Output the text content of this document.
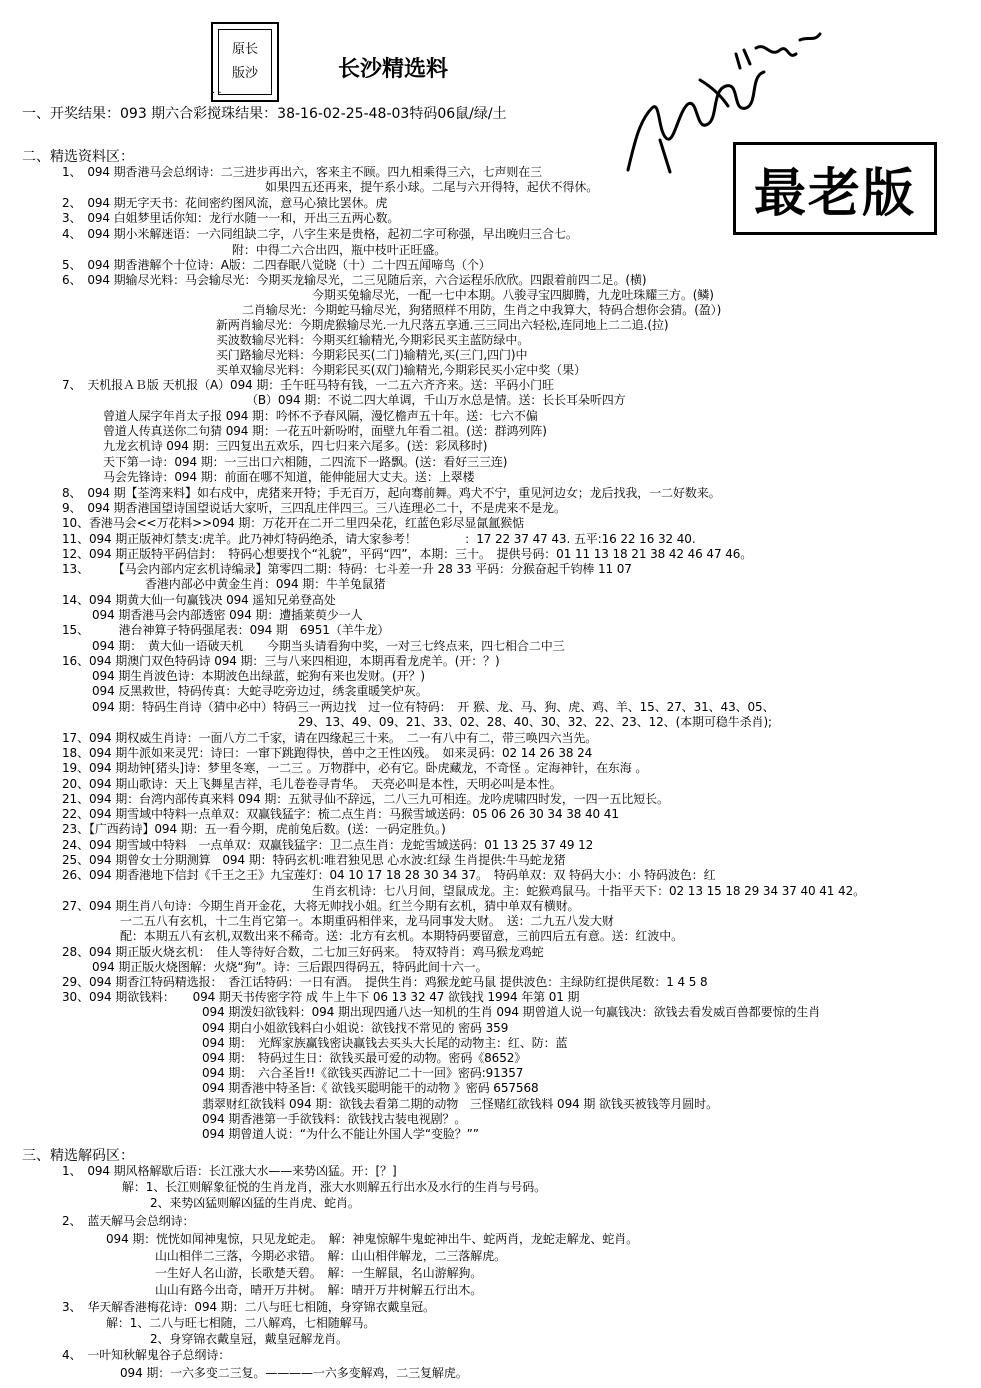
原长
版沙
· ·
长沙精选料
最老版
一、开奖结果：093 期六合彩搅珠结果：38-16-02-25-48-03特码06鼠/绿/土
二、精选资料区：
三、精选解码区：
1、　094 期香港马会总纲诗：二三进步再出六，客来主不顾。四九相乘得三六，七声则在三
如果四五还再来，提午系小球。二尾与六开得特，起伏不得休。
2、　094 期无字天书：花间密约图风流，意马心猿比罢休。虎
3、　094 白姐梦里话你知：龙行水随一一和，开出三五两心数。
4、　094 期小米解迷语：一六同组缺二字，八字生来是贵格，起初二字可称强，早出晚归三合七。
附：中得二六合出四，瓶中枝叶正旺盛。
5、　094 期香港解个十位诗：A版：二四春眠八觉晓（十）二十四五闻啼鸟（个）
6、　094 期输尽光料：马会输尽光：今期买龙输尽光，二三见随后亲，六合运程乐欣欣。四跟着前四二足。(横)
今期买兔输尽光，一配一七中本期。八骏寻宝四脚腾，九龙吐珠耀三方。(鳞)
二肖输尽光：今期蛇马输尽光，狗猪照样不用防，生肖之中我算大，特码合想你会猜。(盈）)
新两肖输尽光：今期虎猴输尽光.一九尺落五享通.三三同出六轻松,连同地上二二追.(拉)
买波数输尽光料：今期买红输精光,今期彩民买主蓝防绿中。
买门路输尽光料：今期彩民买(二门)输精光,买(三门,四门)中
买单双输尽光料：今期彩民买(双门)输精光,今期彩民买小定中奖（果）
7、　天机报ＡＢ版 天机报（A）094 期：壬午旺马特有钱，一二五六齐齐来。送：平码小门旺
（B）094 期：不说二四大单调，千山万水总是情。送：长长耳朵听四方
曾道人屎字年肖太子报 094 期：吟怀不予春风隔，漫忆檐声五十年。送：七六不偏
曾道人传真送你二句猜 094 期：一花五叶新吩咐，面壁九年看二祖。(送：群鸿列阵)
九龙玄机诗 094 期：三四复出五欢乐，四七归来六尾多。(送：彩凤移时)
天下第一诗：094 期：一三出口六相随，二四流下一路飘。(送：看好三三连)
马会先锋诗：094 期：前面在哪不知道，能伸能屈大丈夫。送：上翠楼
8、　094 期【荃湾来料】如右戍中，虎猪来开特；手无百万，起向骞前舞。鸡犬不宁，重见河边女；龙后找我，一二好数来。
9、　094 期香港国望诗国望说话大家听，三四乱庄伴四三。三八连理必二十，不是虎来不是龙。
10、香港马会<<万花料>>094 期：万花开在二开二里四朵花，红蓝色彩尽显氤氲猴惦
11、094 期正版神灯禁支:虎羊。此乃神灯特码绝杀，请大家参考！　　　　：17 22 37 47 43. 五平:16 22 16 32 40.
12、094 期正版特平码信封：　特码心想要找个“礼貌”，平码“四”，本期：三十。　提供号码：01 11 13 18 21 38 42 46 47 46。
13、　　　【马会内部内定玄机诗编录】第零四二期：特码：七斗差一升 28 33 平码：分猴奋起千钧棒 11 07
香港内部必中黄金生肖：094 期：牛羊兔鼠猪
14、094 期黄大仙一句赢钱决 094 遥知兄弟登高处
094 期香港马会内部透密 094 期：遭插莱萸少一人
15、　　　港台神算子特码强尾表：094 期　6951（羊牛龙）
094 期：　黄大仙一语破天机　　今期当头请看狗中奖，一对三七终点来，四七相合二中三
16、094 期澳门双色特码诗 094 期：三与八来四相迎，本期再看龙虎羊。(开：？)
094 期生肖波色诗：本期波色出绿蓝，蛇狗有来也发财。(开？)
094 反黑救世，特码传真：大蛇寻吃旁边过，绣衾重暖笑炉灰。
094 期：特码生肖诗（猜中必中）特码三一两边找　过一位有特码：　开 猴、龙、马、狗、虎、鸡、羊、15、27、31、43、05、
29、13、49、09、21、33、02、28、40、30、32、22、23、12、(本期可稳牛杀肖);
17、094 期权威生肖诗：一面八方二千家，请在四缘起三十来。　二一有八中有二，带三唤四六当先。
18、094 期牛派如来灵咒：诗曰：一窜下跳跑得快，兽中之王性凶残。　如来灵码：02 14 26 38 24
19、094 期劫钟[猪头]诗：梦里冬寒，一二三 。万物群中，必有它。卧虎藏龙，不奇怪 。定海神针，在东海 。
20、094 期山歌诗：天上飞舞星吉祥，毛儿卷卷寻青华。　天亮必叫是本性，天明必叫是本性。
21、094 期：台湾内部传真来料 094 期：五狱寻仙不辞远，二八三九可相连。龙吟虎啸四时发，一四一五比短长。
22、094 期雪域中特料一点单双：双赢钱猛字：梳二点生肖：马猴雪域送码：05 06 26 30 34 38 40 41
23、【广西药诗】094 期：五一看今期，虎前兔后数。(送：一码定胜负。)
24、094 期雪域中特料　一点单双：双赢钱猛字：卫二点生肖：龙蛇雪域送码：01 13 25 37 49 12
25、094 期曾女士分期测算　094 期：特码玄机:唯君独见思 心水波:红绿 生肖提供:牛马蛇龙猪
26、094 期香港地下信封《千王之王》九宝莲灯：04 10 17 18 28 30 34 37。　特码单双：双 特码大小：小 特码波色：红
生肖玄机诗：七八月间，望鼠成龙。主：蛇猴鸡鼠马。十指平天下：02 13 15 18 29 34 37 40 41 42。
27、094 期生肖八句诗：今期生肖开金花，大将无帅找小姐。红兰今期有玄机，猜中单双有横财。
一二五八有玄机，十二生肖它第一。本期重码相伴来，龙马同事发大财。　送：二九五八发大财
配：本期五八有玄机,双数出来不稀奇。送：北方有玄机。本期特码要留意，三前四后五有意。送：红波中。
28、094 期正版火烧玄机：　佳人等待好合数，二七加三好码来。　特双特肖：鸡马猴龙鸡蛇
094 期正版火烧图解：火烧“狗”。诗：三后跟四得码五，特码此间十六一。
29、094 期香江特码精选报：　香江话特码：一日有酒。　提供生肖：鸡猴龙蛇马鼠 提供波色：主绿防红提供尾数：1 4 5 8
30、094 期欲钱料：　　094 期天书传密字符 成 牛上牛下 06 13 32 47 欲钱找 1994 年第 01 期
094 期泼妇欲钱料：094 期出现四通八达一知机的生肖 094 期曾道人说一句赢钱决：欲钱去看发威百兽都要惊的生肖
094 期白小姐欲钱料白小姐说：欲钱找不常见的 密码 359
094 期：　光辉家族赢钱密诀赢钱去买头大长尾的动物主：红、防：蓝
094 期：　特码过生日：欲钱买最可爱的动物。密码《8652》
094 期：　六合圣旨!!《欲钱买西游记二十一回》密码:91357
094 期香港中特圣旨:《 欲钱买聪明能干的动物 》密码 657568
翡翠财红欲钱料 094 期：欲钱去看第二期的动物　三怪赌红欲钱料 094 期 欲钱买被钱等月圆时。
094 期香港第一手欲钱料：欲钱找古装电视剧？。
094 期曾道人说：“为什么不能让外国人学“变脸？””
1、　094 期风格解歇后语：长江涨大水——来势凶猛。开：[？]
解：1、长江则解象征悦的生肖龙肖，涨大水则解五行出水及水行的生肖与号码。
2、来势凶猛则解凶猛的生肖虎、蛇肖。
2、　蓝天解马会总纲诗：
094 期：恍恍如闻神鬼惊，只见龙蛇走。　解：神鬼惊解牛鬼蛇神出牛、蛇两肖，龙蛇走解龙、蛇肖。
山山相伴二三落，今期必求错。　解：山山相伴解龙，二三落解虎。
一生好人名山游，长歌楚天碧。　解：一生解鼠，名山游解狗。
山山有路今出奇，晴开万井树。　解：晴开万井树解五行出木。
3、　华天解香港梅花诗：094 期：二八与旺七相随，身穿锦衣戴皇冠。
解：1、二八与旺七相随，二八解鸡，七相随解马。
2、身穿锦衣戴皇冠，戴皇冠解龙肖。
4、　一叶知秋解鬼谷子总纲诗：
094 期：一六多变二三复。————一六多变解鸡，二三复解虎。
